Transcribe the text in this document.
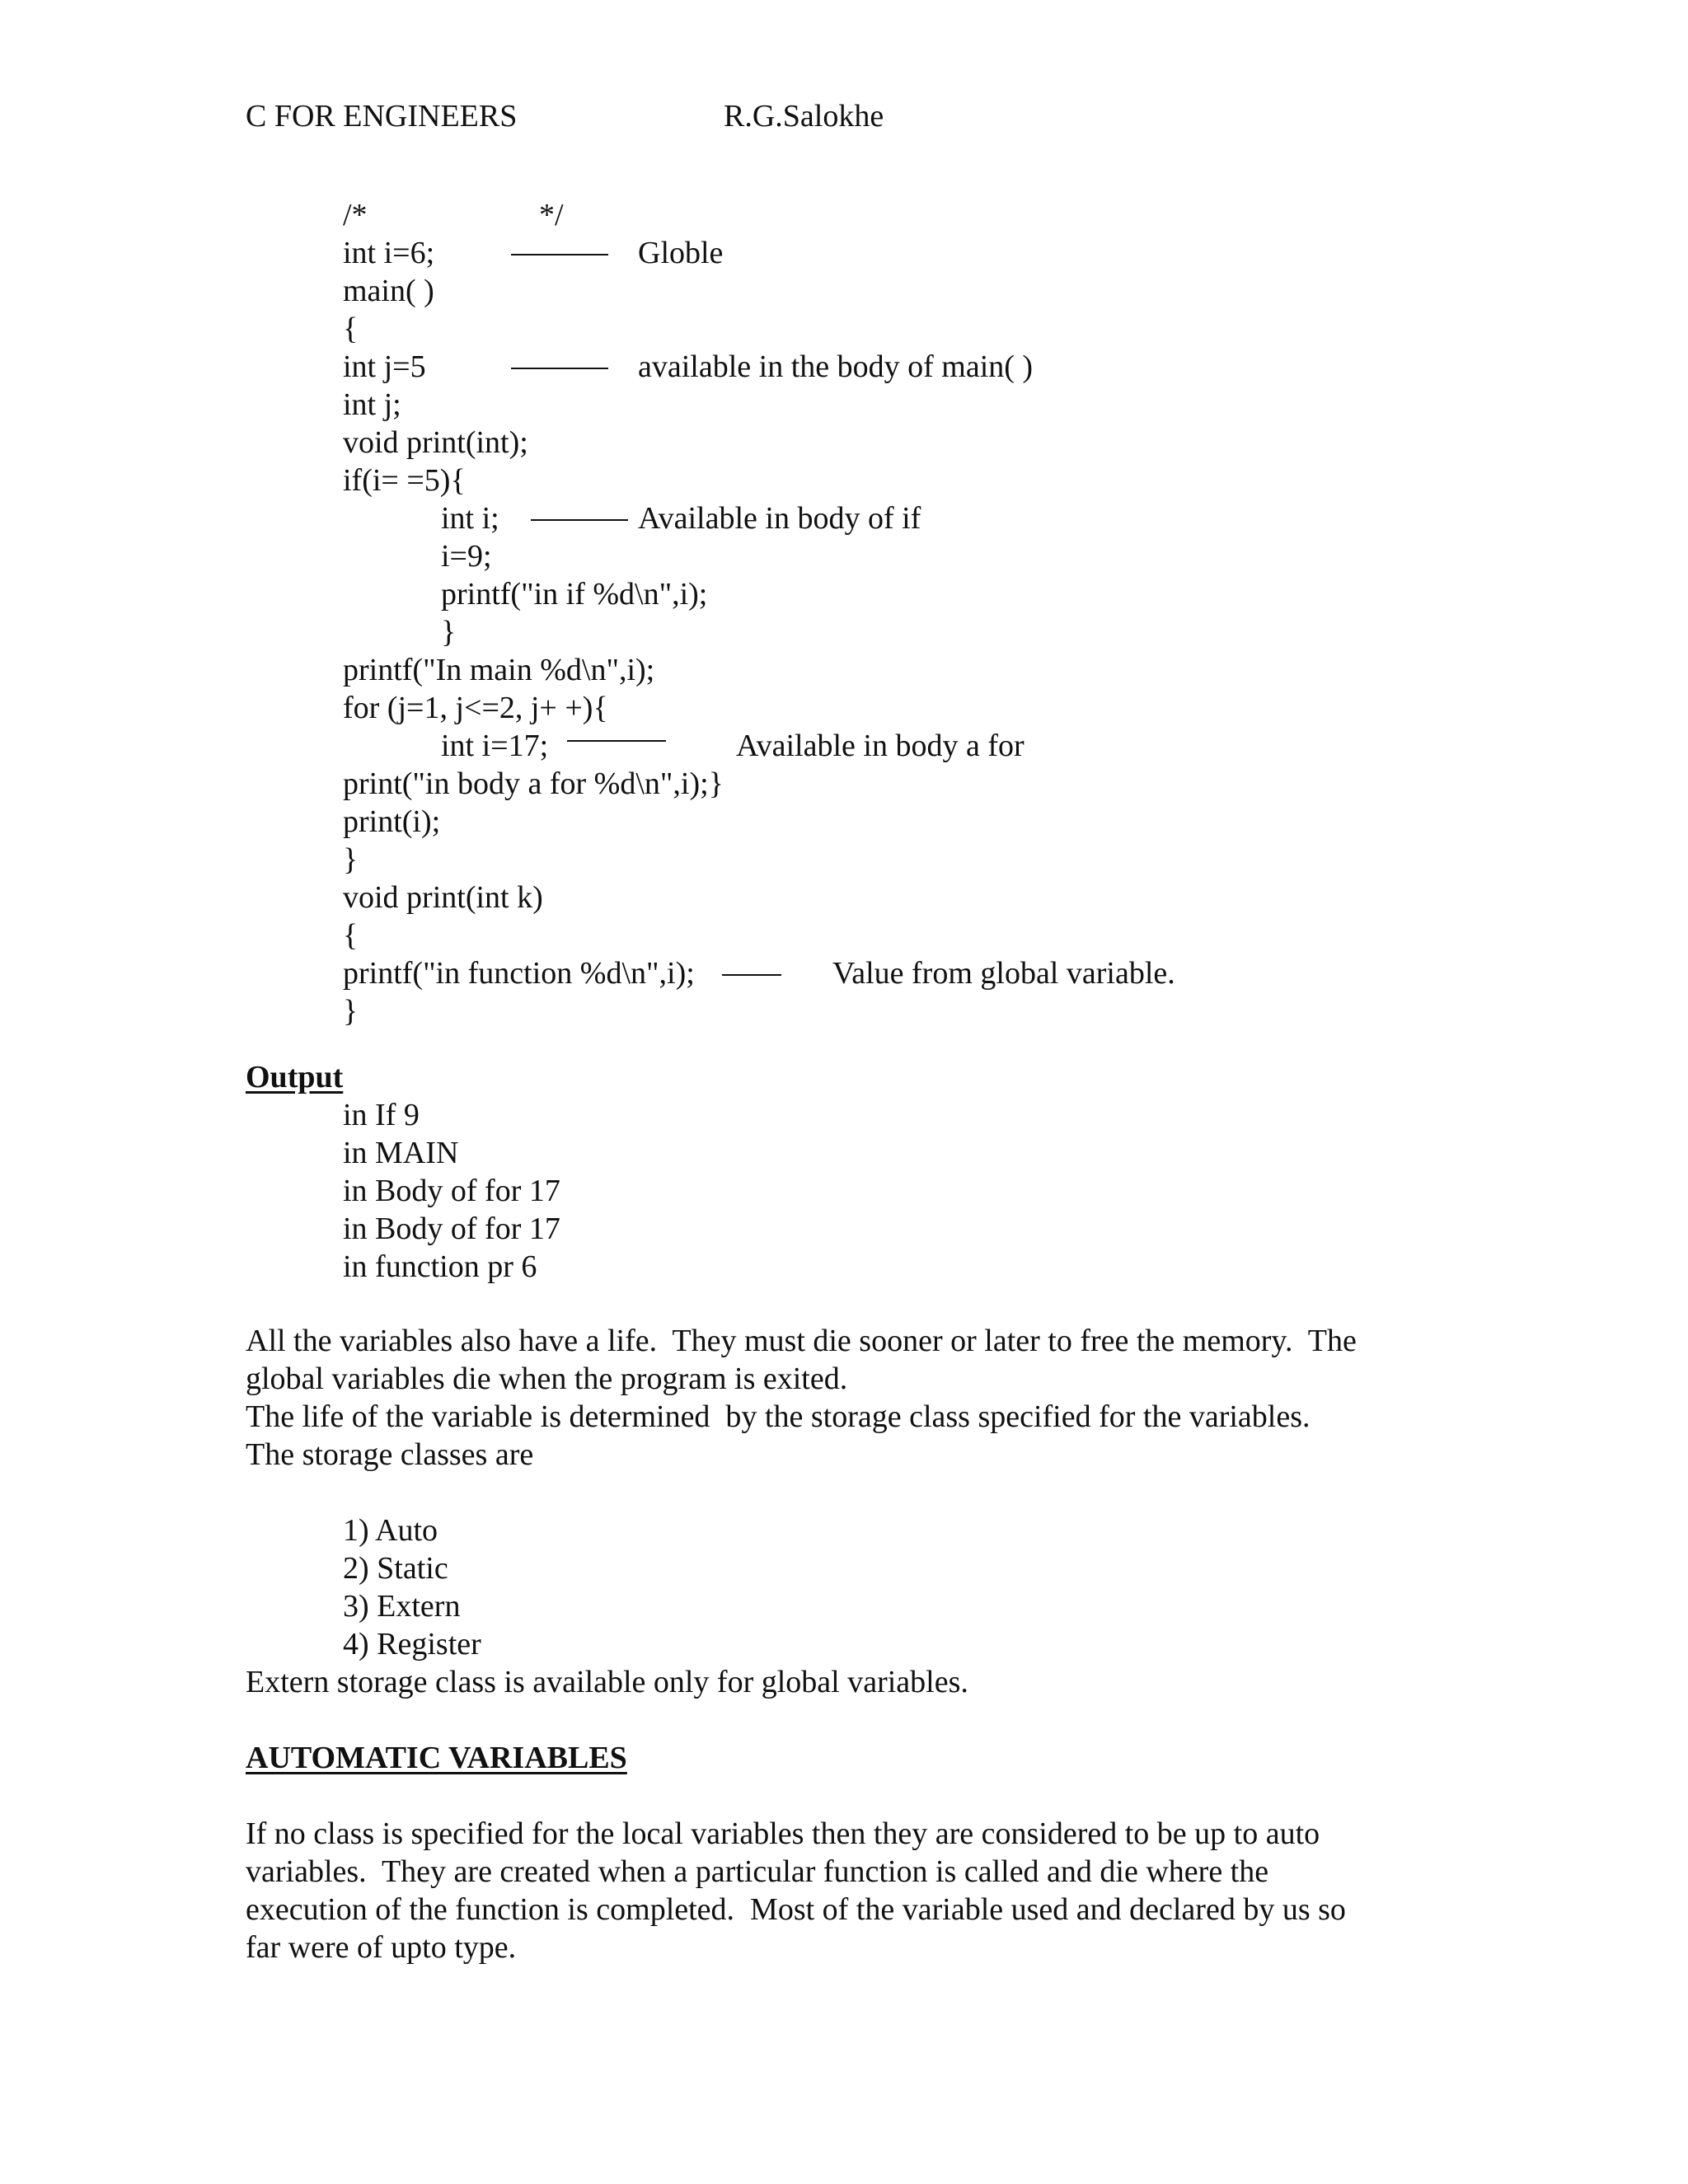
C FOR ENGINEERS	R.G.Salokhe
/*	*/
int i=6;	Globle
main( )
{
int j=5	available in the body of main( )
int j;
void print(int);
if(i= =5){
int i;	Available in body of if
i=9;
printf("in if %d\n",i);
}
printf("In main %d\n",i);
for (j=1, j<=2, j+ +){
int i=17;	Available in body a for
print("in body a for %d\n",i);}
print(i);
}
void print(int k)
{
printf("in function %d\n",i);	Value from global variable.
}
Output
in If 9
in MAIN
in Body of for 17
in Body of for 17
in function pr 6
All the variables also have a life.  They must die sooner or later to free the memory.  The
global variables die when the program is exited.
The life of the variable is determined  by the storage class specified for the variables.
The storage classes are
1) Auto
2) Static
3) Extern
4) Register
Extern storage class is available only for global variables.
AUTOMATIC VARIABLES
If no class is specified for the local variables then they are considered to be up to auto
variables.  They are created when a particular function is called and die where the
execution of the function is completed.  Most of the variable used and declared by us so
far were of upto type.
